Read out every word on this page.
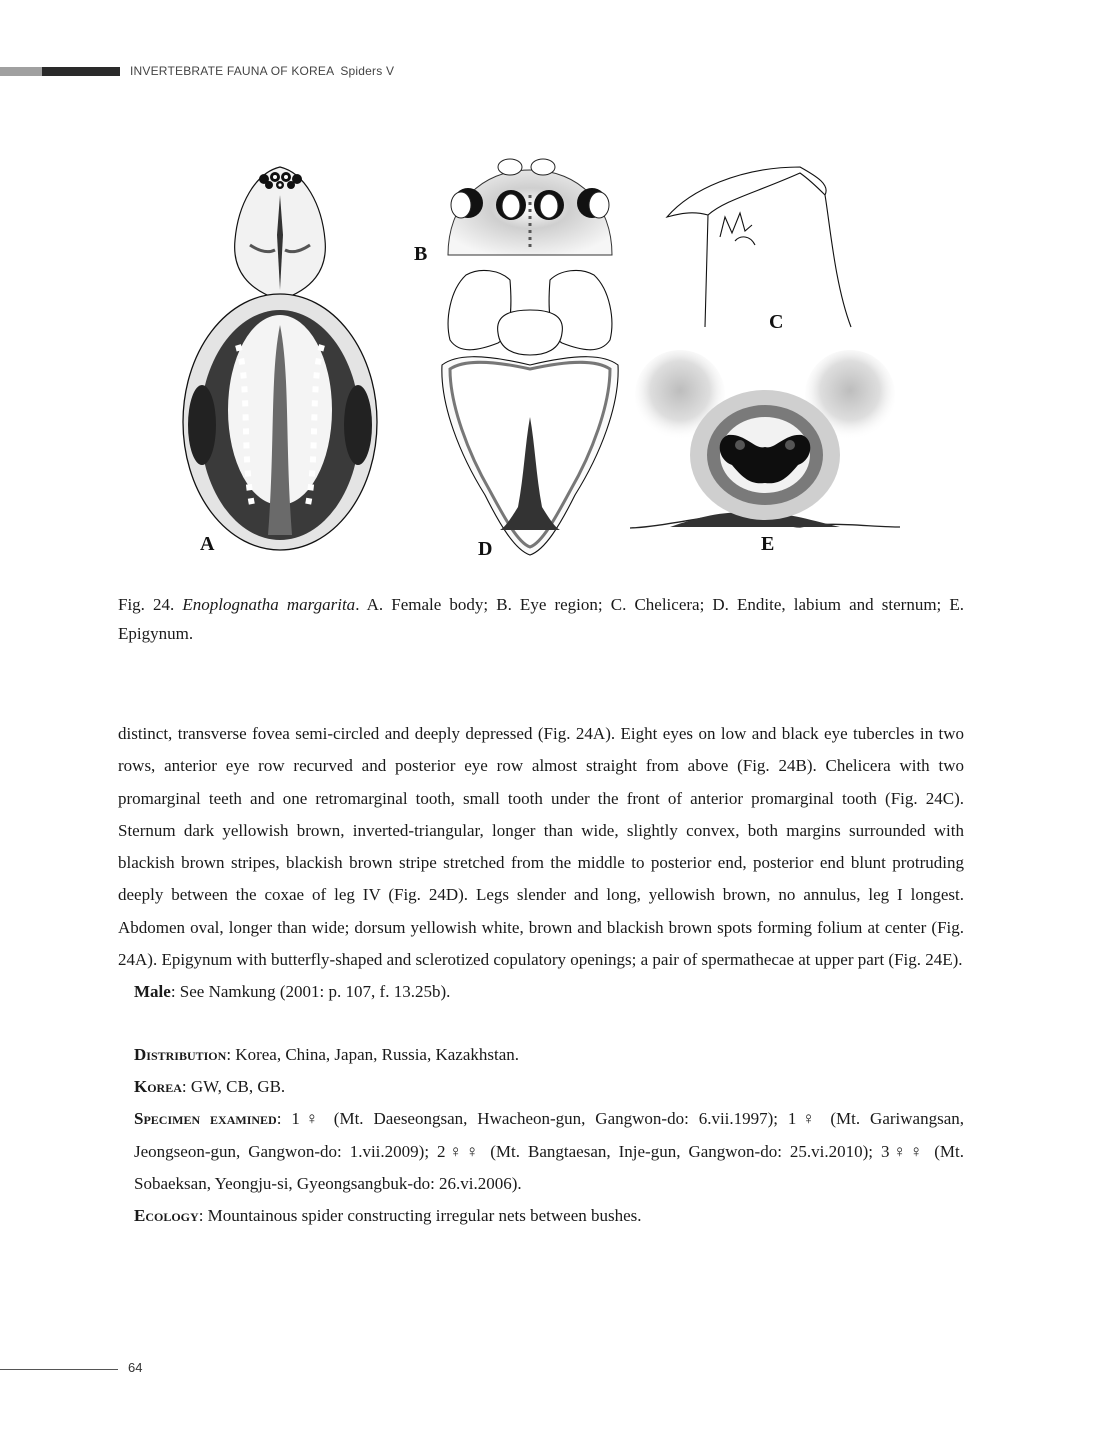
INVERTEBRATE FAUNA OF KOREA Spiders V
A
B
C
D	E
Fig. 24. Enoplognatha margarita. A. Female body; B. Eye region; C. Chelicera; D. Endite, labium and sternum; E. Epigynum.

distinct, transverse fovea semi-circled and deeply depressed (Fig. 24A). Eight eyes on low and black eye tubercles in two rows, anterior eye row recurved and posterior eye row almost straight from above (Fig. 24B). Chelicera with two promarginal teeth and one retromarginal tooth, small tooth under the front of anterior promarginal tooth (Fig. 24C). Sternum dark yellowish brown, inverted-triangular, longer than wide, slightly convex, both margins surrounded with blackish brown stripes, blackish brown stripe stretched from the middle to posterior end, posterior end blunt protruding deeply between the coxae of leg IV (Fig. 24D). Legs slender and long, yellowish brown, no annulus, leg I longest. Abdomen oval, longer than wide; dorsum yellowish white, brown and blackish brown spots forming folium at center (Fig. 24A). Epigynum with butterfly-shaped and sclerotized copulatory openings; a pair of spermathecae at upper part (Fig. 24E).

Male: See Namkung (2001: p. 107, f. 13.25b).

Distribution: Korea, China, Japan, Russia, Kazakhstan.

Korea: GW, CB, GB.

Specimen examined: 1♀ (Mt. Daeseongsan, Hwacheon-gun, Gangwon-do: 6.vii.1997); 1♀ (Mt. Gariwangsan, Jeongseon-gun, Gangwon-do: 1.vii.2009); 2♀♀ (Mt. Bangtaesan, Inje-gun, Gangwon-do: 25.vi.2010); 3♀♀ (Mt. Sobaeksan, Yeongju-si, Gyeongsangbuk-do: 26.vi.2006).

Ecology: Mountainous spider constructing irregular nets between bushes.

64
